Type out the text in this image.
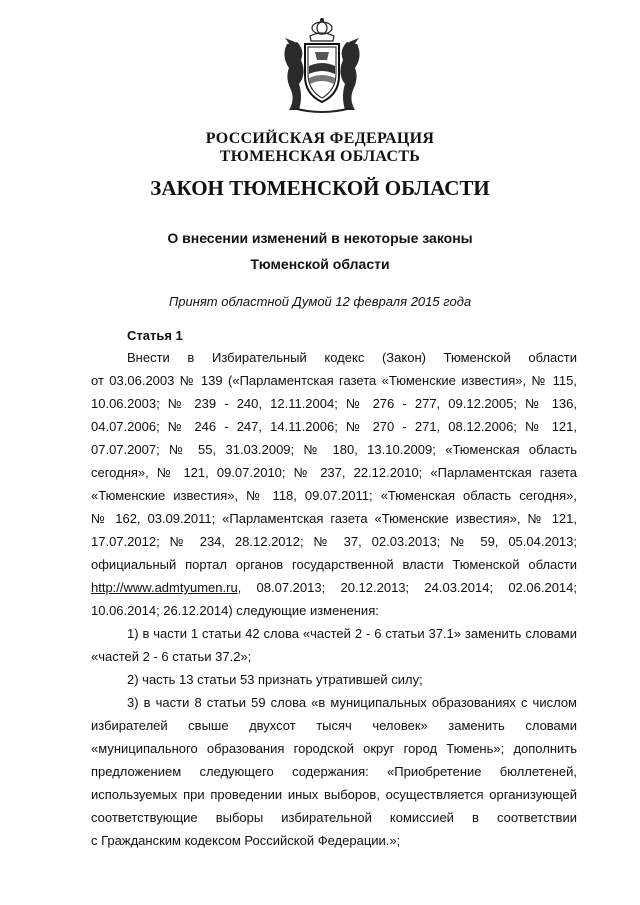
РОССИЙСКАЯ ФЕДЕРАЦИЯ
ТЮМЕНСКАЯ ОБЛАСТЬ
ЗАКОН ТЮМЕНСКОЙ ОБЛАСТИ
О внесении изменений в некоторые законы
Тюменской области
Принят областной Думой 12 февраля 2015 года
Статья 1
Внести в Избирательный кодекс (Закон) Тюменской области
от 03.06.2003 № 139 («Парламентская газета «Тюменские известия», № 115,
10.06.2003; № 239 - 240, 12.11.2004; № 276 - 277, 09.12.2005; № 136,
04.07.2006; № 246 - 247, 14.11.2006; № 270 - 271, 08.12.2006; № 121,
07.07.2007; № 55, 31.03.2009; № 180, 13.10.2009; «Тюменская область
сегодня», № 121, 09.07.2010; № 237, 22.12.2010; «Парламентская газета
«Тюменские известия», № 118, 09.07.2011; «Тюменская область сегодня»,
№ 162, 03.09.2011; «Парламентская газета «Тюменские известия», № 121,
17.07.2012; № 234, 28.12.2012; № 37, 02.03.2013; № 59, 05.04.2013;
официальный портал органов государственной власти Тюменской области
http://www.admtyumen.ru, 08.07.2013; 20.12.2013; 24.03.2014; 02.06.2014;
10.06.2014; 26.12.2014) следующие изменения:
1) в части 1 статьи 42 слова «частей 2 - 6 статьи 37.1» заменить словами
«частей 2 - 6 статьи 37.2»;
2) часть 13 статьи 53 признать утратившей силу;
3) в части 8 статьи 59 слова «в муниципальных образованиях с числом
избирателей свыше двухсот тысяч человек» заменить словами
«муниципального образования городской округ город Тюмень»; дополнить
предложением следующего содержания: «Приобретение бюллетеней,
используемых при проведении иных выборов, осуществляется организующей
соответствующие выборы избирательной комиссией в соответствии
с Гражданским кодексом Российской Федерации.»;
